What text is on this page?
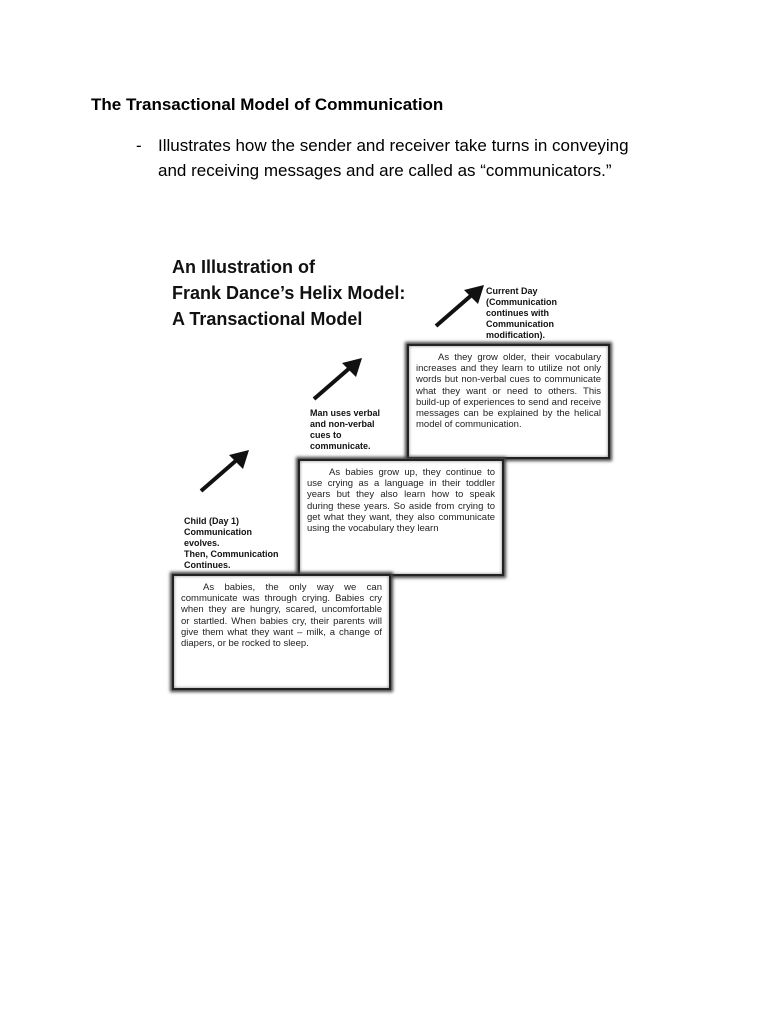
The Transactional Model of Communication
- Illustrates how the sender and receiver take turns in conveying
and receiving messages and are called as “communicators.”
An Illustration of
Frank Dance’s Helix Model:
A Transactional Model
Current Day
(Communication
continues with
Communication
modification).
Man uses verbal
and non-verbal
cues to
communicate.
Child (Day 1)
Communication
evolves.
Then, Communication
Continues.
As they grow older, their vocabulary increases and they learn to utilize not only words but non-verbal cues to communicate what they want or need to others. This build-up of experiences to send and receive messages can be explained by the helical model of communication.
As babies grow up, they continue to use crying as a language in their toddler years but they also learn how to speak during these years. So aside from crying to get what they want, they also communicate using the vocabulary they learn
As babies, the only way we can communicate was through crying. Babies cry when they are hungry, scared, uncomfortable or startled. When babies cry, their parents will give them what they want – milk, a change of diapers, or be rocked to sleep.
